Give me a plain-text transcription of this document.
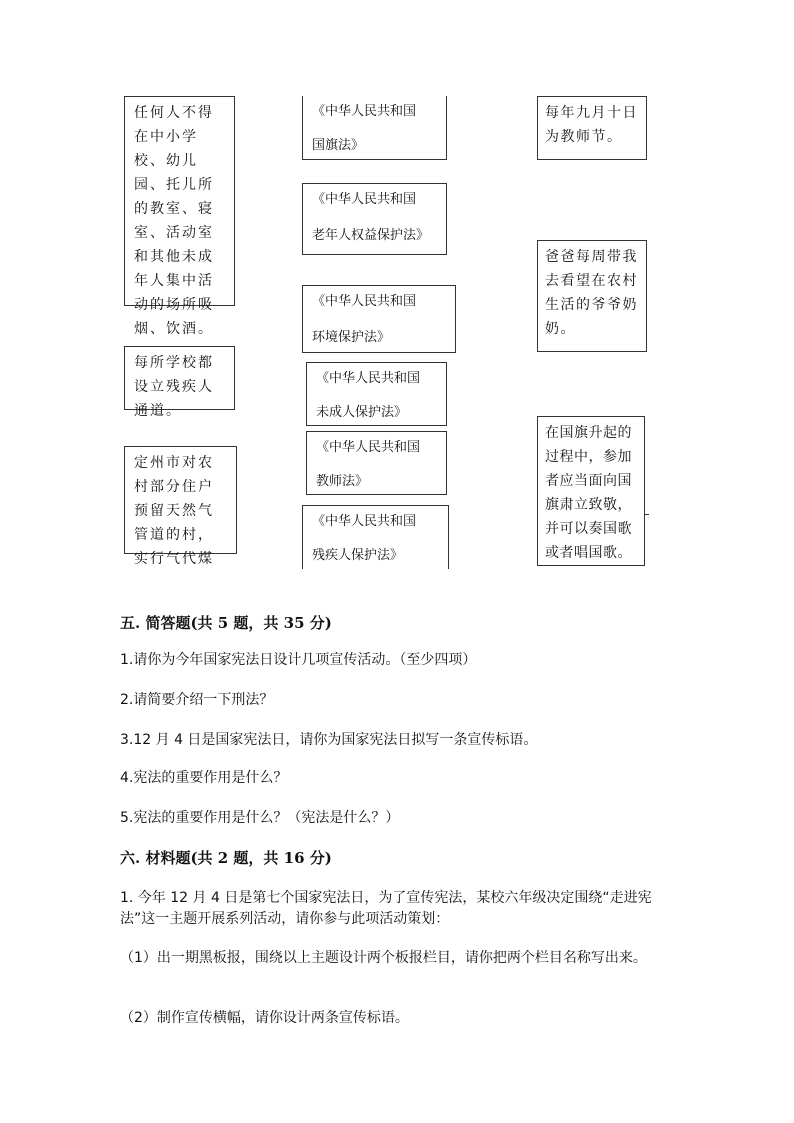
任何人不得在中小学校、幼儿园、托儿所的教室、寝室、活动室和其他未成年人集中活动的场所吸烟、饮酒。
每所学校都设立残疾人通道。
定州市对农村部分住户预留天然气管道的村，实行气代煤
《中华人民共和国
国旗法》
《中华人民共和国
老年人权益保护法》
《中华人民共和国
环境保护法》
《中华人民共和国
未成人保护法》
《中华人民共和国
教师法》
《中华人民共和国
残疾人保护法》
每年九月十日为教师节。
爸爸每周带我去看望在农村生活的爷爷奶奶。
在国旗升起的过程中，参加者应当面向国旗肃立致敬，并可以奏国歌或者唱国歌。
五. 简答题(共 5 题，共 35 分)
1.请你为今年国家宪法日设计几项宣传活动。（至少四项）
2.请简要介绍一下刑法？
3.12 月 4 日是国家宪法日，请你为国家宪法日拟写一条宣传标语。
4.宪法的重要作用是什么？
5.宪法的重要作用是什么？（宪法是什么？）
六. 材料题(共 2 题，共 16 分)
1. 今年 12 月 4 日是第七个国家宪法日，为了宣传宪法，某校六年级决定围绕“走进宪法”这一主题开展系列活动，请你参与此项活动策划：
（1）出一期黑板报，围绕以上主题设计两个板报栏目，请你把两个栏目名称写出来。
（2）制作宣传横幅，请你设计两条宣传标语。
